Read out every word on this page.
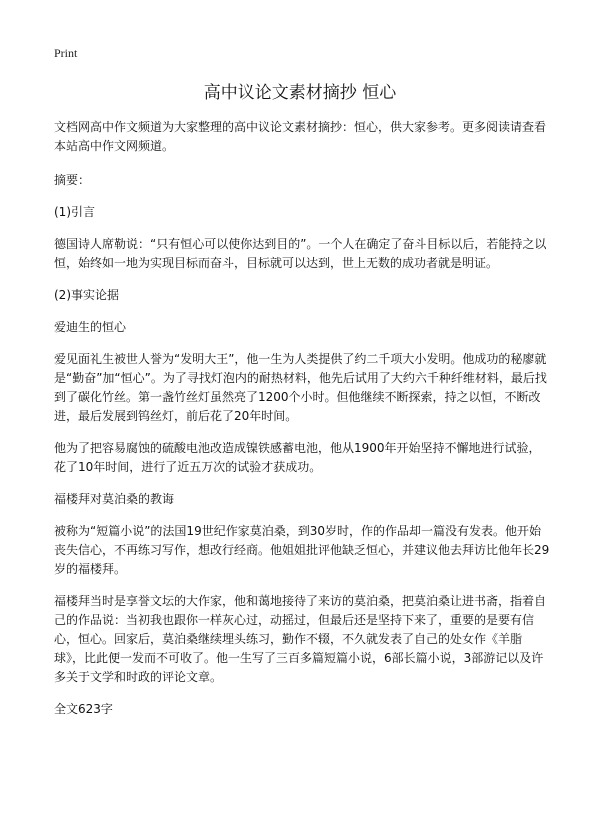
Print
高中议论文素材摘抄 恒心

文档网高中作文频道为大家整理的高中议论文素材摘抄：恒心，供大家参考。更多阅读请查看本站高中作文网频道。

摘要：

(1)引言

德国诗人席勒说：“只有恒心可以使你达到目的”。一个人在确定了奋斗目标以后，若能持之以恒，始终如一地为实现目标而奋斗，目标就可以达到，世上无数的成功者就是明证。

(2)事实论据

爱迪生的恒心

爱见面礼生被世人誉为“发明大王”，他一生为人类提供了约二千项大小发明。他成功的秘廖就是“勤奋”加“恒心”。为了寻找灯泡内的耐热材料，他先后试用了大约六千种纤维材料，最后找到了碳化竹丝。第一盏竹丝灯虽然亮了1200个小时。但他继续不断探索，持之以恒，不断改进，最后发展到钨丝灯，前后花了20年时间。

他为了把容易腐蚀的硫酸电池改造成镍铁感蓄电池，他从1900年开始坚持不懈地进行试验，花了10年时间，进行了近五万次的试验才获成功。

福楼拜对莫泊桑的教诲

被称为“短篇小说”的法国19世纪作家莫泊桑，到30岁时，作的作品却一篇没有发表。他开始丧失信心，不再练习写作，想改行经商。他姐姐批评他缺乏恒心，并建议他去拜访比他年长29岁的福楼拜。

福楼拜当时是享誉文坛的大作家，他和蔼地接待了来访的莫泊桑，把莫泊桑让进书斋，指着自己的作品说：当初我也跟你一样灰心过，动摇过，但最后还是坚持下来了，重要的是要有信心，恒心。回家后，莫泊桑继续埋头练习，勤作不辍，不久就发表了自己的处女作《羊脂球》，比此便一发而不可收了。他一生写了三百多篇短篇小说，6部长篇小说，3部游记以及许多关于文学和时政的评论文章。

全文623字
